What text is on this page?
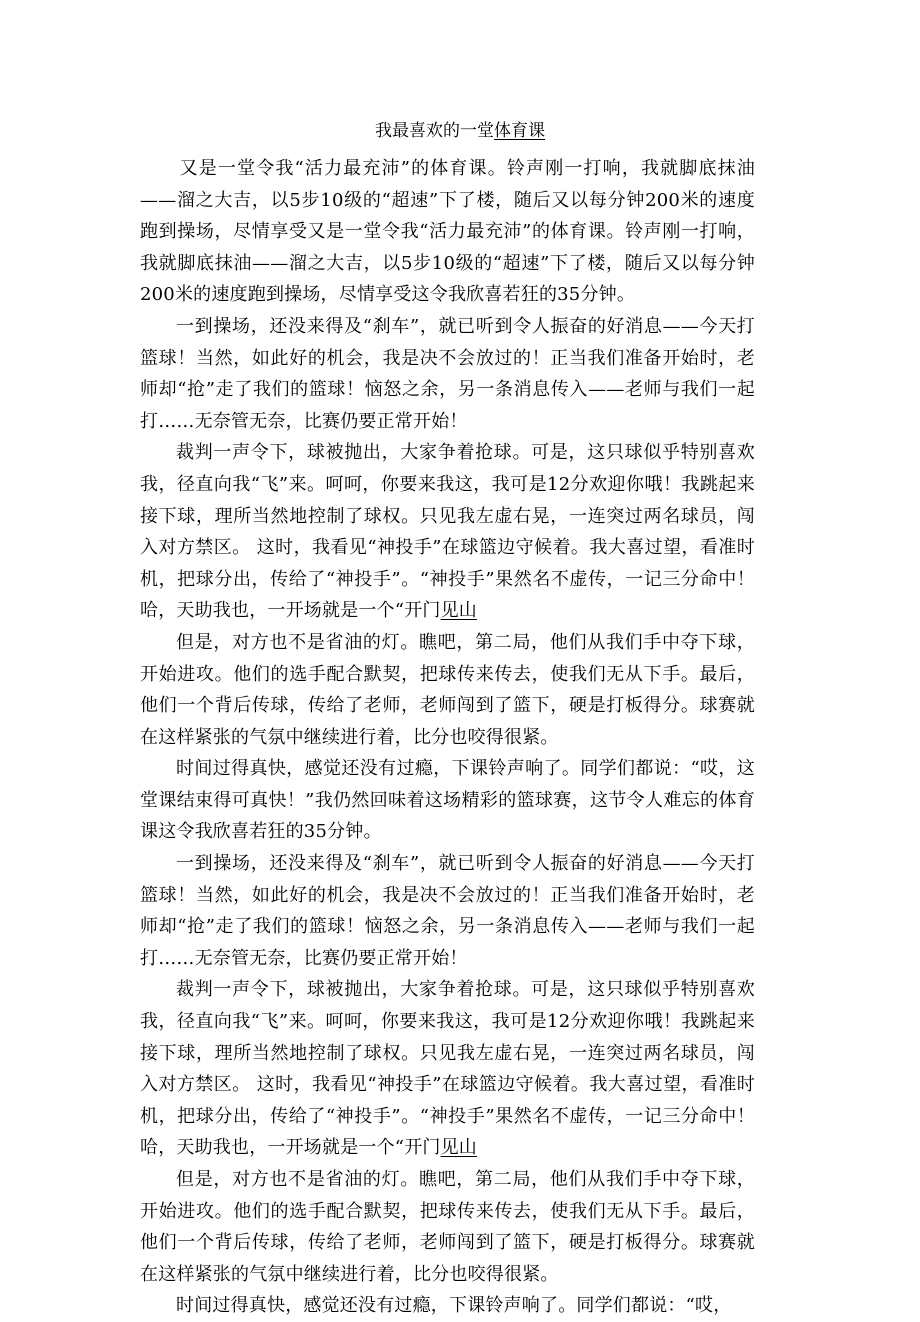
我最喜欢的一堂体育课

又是一堂令我“活力最充沛”的体育课。铃声刚一打响，我就脚底抹油——溜之大吉，以5步10级的“超速”下了楼，随后又以每分钟200米的速度跑到操场，尽情享受又是一堂令我“活力最充沛”的体育课。铃声刚一打响，我就脚底抹油——溜之大吉，以5步10级的“超速”下了楼，随后又以每分钟200米的速度跑到操场，尽情享受这令我欣喜若狂的35分钟。

一到操场，还没来得及“刹车”，就已听到令人振奋的好消息——今天打篮球！当然，如此好的机会，我是决不会放过的！正当我们准备开始时，老师却“抢”走了我们的篮球！恼怒之余，另一条消息传入——老师与我们一起打……无奈管无奈，比赛仍要正常开始！

裁判一声令下，球被抛出，大家争着抢球。可是，这只球似乎特别喜欢我，径直向我“飞”来。呵呵，你要来我这，我可是12分欢迎你哦！我跳起来接下球，理所当然地控制了球权。只见我左虚右晃，一连突过两名球员，闯入对方禁区。 这时，我看见“神投手”在球篮边守候着。我大喜过望，看准时机，把球分出，传给了“神投手”。“神投手”果然名不虚传，一记三分命中！哈，天助我也，一开场就是一个“开门见山

但是，对方也不是省油的灯。瞧吧，第二局，他们从我们手中夺下球，开始进攻。他们的选手配合默契，把球传来传去，使我们无从下手。最后，他们一个背后传球，传给了老师，老师闯到了篮下，硬是打板得分。球赛就在这样紧张的气氛中继续进行着，比分也咬得很紧。

时间过得真快，感觉还没有过瘾，下课铃声响了。同学们都说：“哎，这堂课结束得可真快！”我仍然回味着这场精彩的篮球赛，这节令人难忘的体育课这令我欣喜若狂的35分钟。

一到操场，还没来得及“刹车”，就已听到令人振奋的好消息——今天打篮球！当然，如此好的机会，我是决不会放过的！正当我们准备开始时，老师却“抢”走了我们的篮球！恼怒之余，另一条消息传入——老师与我们一起打……无奈管无奈，比赛仍要正常开始！

裁判一声令下，球被抛出，大家争着抢球。可是，这只球似乎特别喜欢我，径直向我“飞”来。呵呵，你要来我这，我可是12分欢迎你哦！我跳起来接下球，理所当然地控制了球权。只见我左虚右晃，一连突过两名球员，闯入对方禁区。 这时，我看见“神投手”在球篮边守候着。我大喜过望，看准时机，把球分出，传给了“神投手”。“神投手”果然名不虚传，一记三分命中！哈，天助我也，一开场就是一个“开门见山

但是，对方也不是省油的灯。瞧吧，第二局，他们从我们手中夺下球，开始进攻。他们的选手配合默契，把球传来传去，使我们无从下手。最后，他们一个背后传球，传给了老师，老师闯到了篮下，硬是打板得分。球赛就在这样紧张的气氛中继续进行着，比分也咬得很紧。

时间过得真快，感觉还没有过瘾，下课铃声响了。同学们都说：“哎，
